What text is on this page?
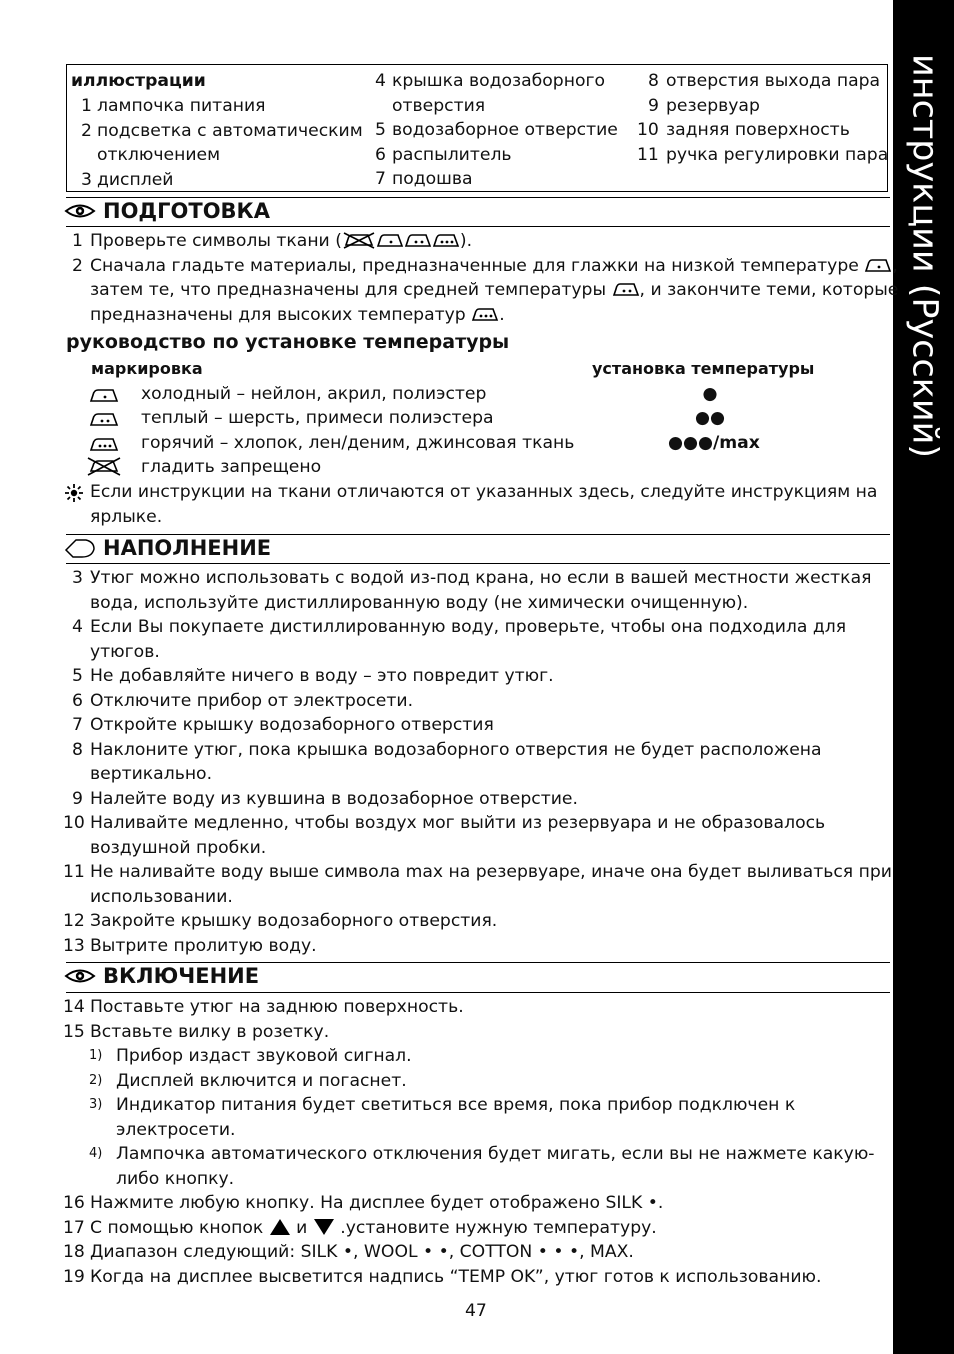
инструкции (Русский)
иллюстрации
1 лампочка питания
2 подсветка с автоматическим
отключением
3 дисплей
4 крышка водозаборного
отверстия
5 водозаборное отверстие
6 распылитель
7 подошва
8 отверстия выхода пара
9 резервуар
10 задняя поверхность
11 ручка регулировки пара
ПОДГОТОВКА
1 Проверьте символы ткани (	).
2 Сначала гладьте материалы, предназначенные для глажки на низкой температуре ,
затем те, что предназначены для средней температуры , и закончите теми, которые
предназначены для высоких температур .
руководство по установке температуры
маркировка	установка температуры
холодный – нейлон, акрил, полиэстер	●
теплый – шерсть, примеси полиэстера	●●
горячий – хлопок, лен/деним, джинсовая ткань	●●●/max
гладить запрещено
Если инструкции на ткани отличаются от указанных здесь, следуйте инструкциям на
ярлыке.
НАПОЛНЕНИЕ
3 Утюг можно использовать с водой из-под крана, но если в вашей местности жесткая
вода, используйте дистиллированную воду (не химически очищенную).
4 Если Вы покупаете дистиллированную воду, проверьте, чтобы она подходила для
утюгов.
5 Не добавляйте ничего в воду – это повредит утюг.
6 Отключите прибор от электросети.
7 Откройте крышку водозаборного отверстия
8 Наклоните утюг, пока крышка водозаборного отверстия не будет расположена
вертикально.
9 Налейте воду из кувшина в водозаборное отверстие.
10 Наливайте медленно, чтобы воздух мог выйти из резервуара и не образовалось
воздушной пробки.
11 Не наливайте воду выше символа max на резервуаре, иначе она будет выливаться при
использовании.
12 Закройте крышку водозаборного отверстия.
13 Вытрите пролитую воду.
ВКЛЮЧЕНИЕ
14 Поставьте утюг на заднюю поверхность.
15 Вставьте вилку в розетку.
1) Прибор издаст звуковой сигнал.
2) Дисплей включится и погаснет.
3) Индикатор питания будет светиться все время, пока прибор подключен к
электросети.
4) Лампочка автоматического отключения будет мигать, если вы не нажмете какую-
либо кнопку.
16 Нажмите любую кнопку. На дисплее будет отображено SILK •.
17
18 Диапазон следующий: SILK •, WOOL • •, COTTON • • •, MAX.
19 Когда на дисплее высветится надпись “TEMP OK”, утюг готов к использованию.
С помощью кнопок и .установите нужную температуру.
47
